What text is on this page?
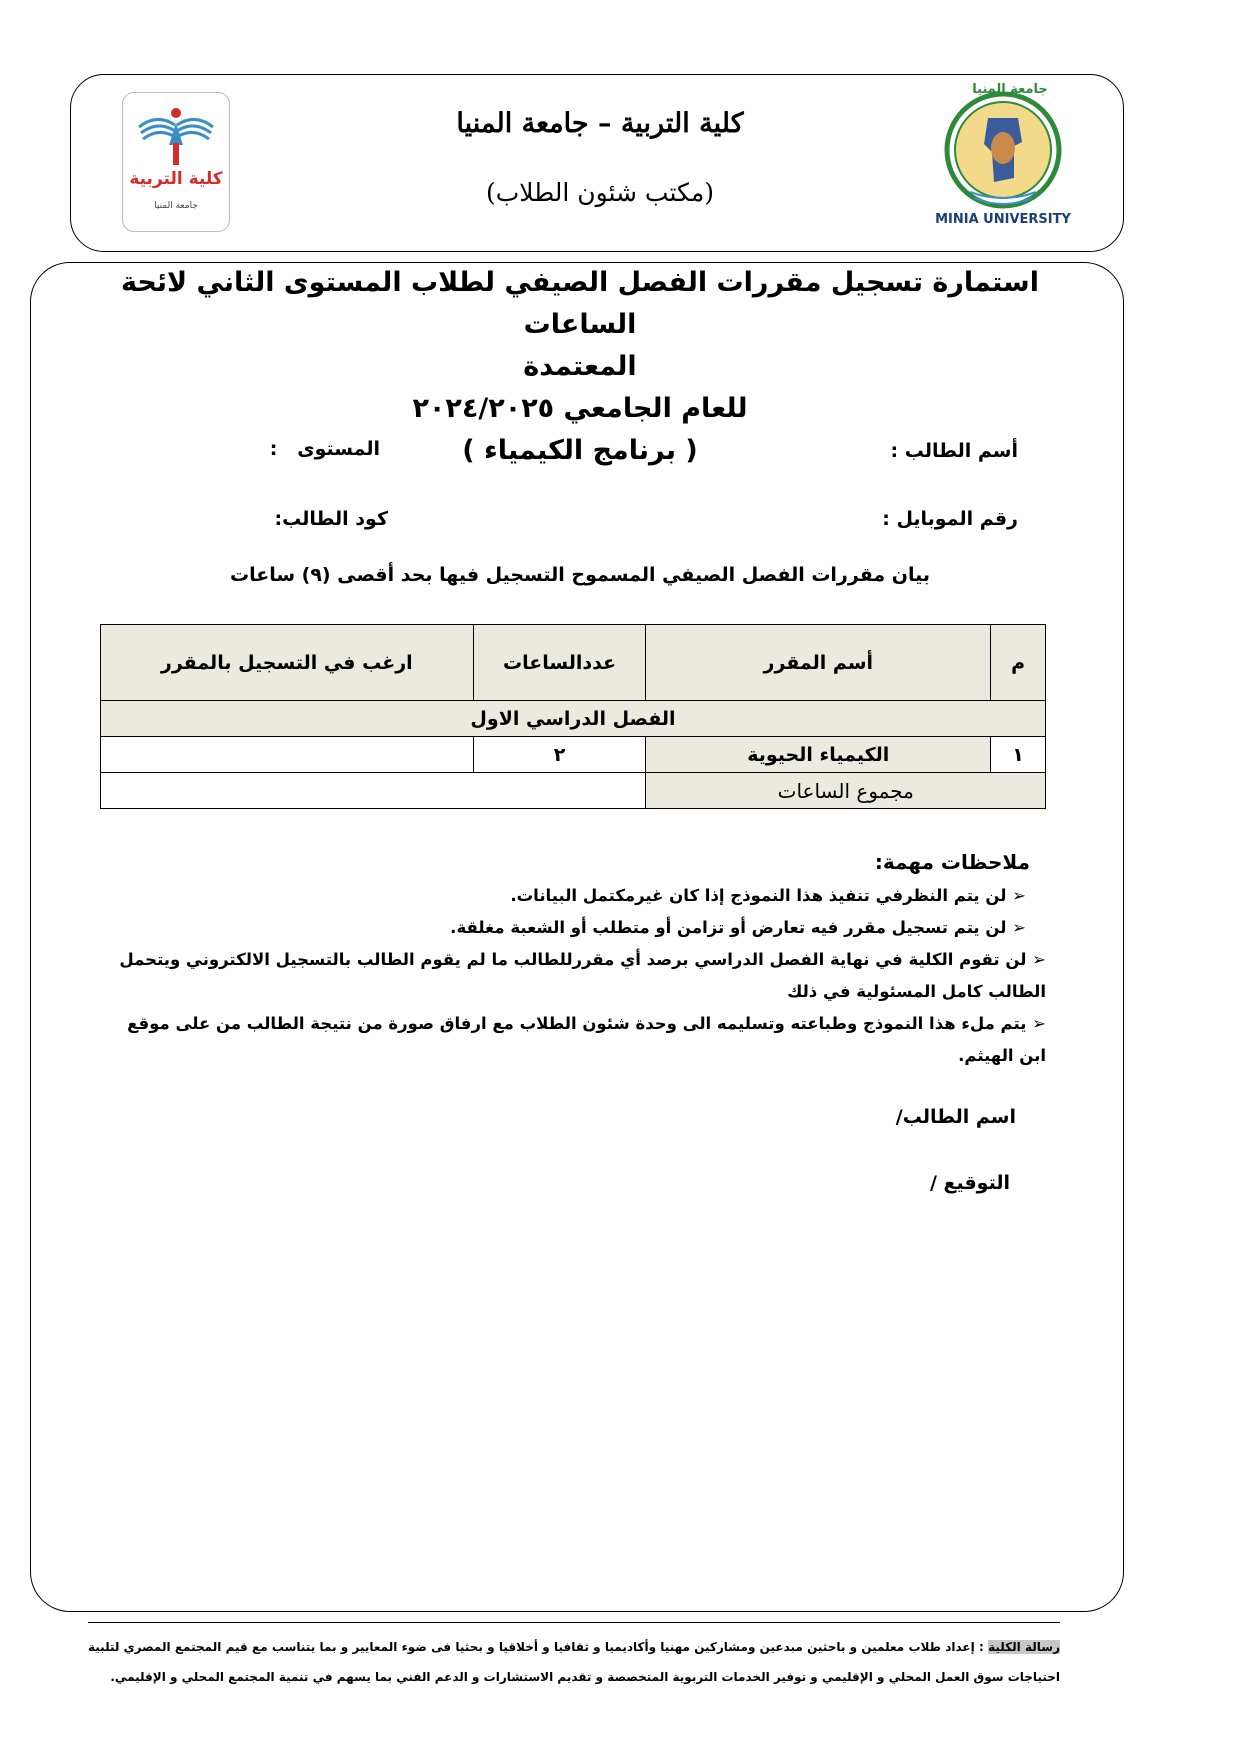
كلية التربية
جامعة المنيا
جامعة المنيا
MINIA UNIVERSITY
كلية التربية – جامعة المنيا
(مكتب شئون الطلاب)
استمارة تسجيل مقررات الفصل الصيفي لطلاب المستوى الثاني لائحة الساعات
المعتمدة
للعام الجامعي ٢٠٢٤/٢٠٢٥
( برنامج الكيمياء )	أسم الطالب :
المستوى   :
رقم الموبايل :
كود الطالب:
بيان مقررات الفصل الصيفي المسموح التسجيل فيها بحد أقصى (٩) ساعات
م	أسم المقرر	عددالساعات	ارغب في التسجيل بالمقرر
الفصل الدراسي الاول			
١	الكيمياء الحيوية	٢	
مجموع الساعات			
ملاحظات مهمة:
➢ لن يتم النظرفي تنفيذ هذا النموذج إذا كان غيرمكتمل البيانات.
➢ لن يتم تسجيل مقرر فيه تعارض أو تزامن أو متطلب أو الشعبة مغلقة.
➢ لن تقوم الكلية في نهاية الفصل الدراسي برصد أي مقررللطالب ما لم يقوم الطالب بالتسجيل الالكتروني ويتحمل الطالب كامل المسئولية في ذلك
➢ يتم ملء هذا النموذج وطباعته وتسليمه الى وحدة شئون الطلاب مع ارفاق صورة من نتيجة الطالب من على موقع ابن الهيثم.
اسم الطالب/
التوقيع /
رسالة الكلية : إعداد طلاب معلمين و باحثين مبدعين ومشاركين مهنيا وأكاديميا و ثقافيا و أخلاقيا و بحثيا فى ضوء المعايير و بما يتناسب مع قيم المجتمع المصري لتلبية احتياجات سوق العمل المحلي و الإقليمي و توفير الخدمات التربوية المتخصصة و تقديم الاستشارات و الدعم الفني بما يسهم في تنمية المجتمع المحلي و الإقليمي.
